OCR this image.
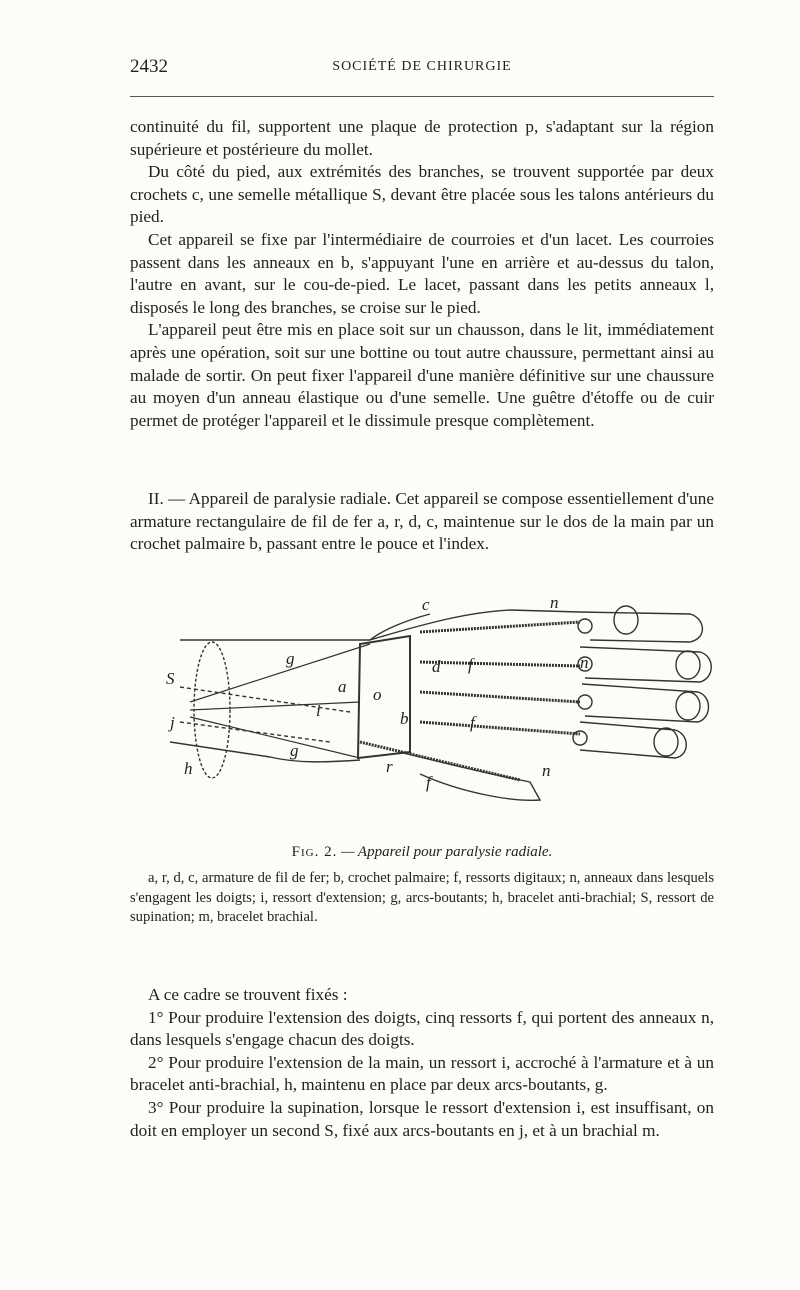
2432	SOCIÉTÉ DE CHIRURGIE

continuité du fil, supportent une plaque de protection p, s'adaptant sur la région supérieure et postérieure du mollet.

Du côté du pied, aux extrémités des branches, se trouvent supportée par deux crochets c, une semelle métallique S, devant être placée sous les talons antérieurs du pied.

Cet appareil se fixe par l'intermédiaire de courroies et d'un lacet. Les courroies passent dans les anneaux en b, s'appuyant l'une en arrière et au-dessus du talon, l'autre en avant, sur le cou-de-pied. Le lacet, passant dans les petits anneaux l, disposés le long des branches, se croise sur le pied.

L'appareil peut être mis en place soit sur un chausson, dans le lit, immédiatement après une opération, soit sur une bottine ou tout autre chaussure, permettant ainsi au malade de sortir. On peut fixer l'appareil d'une manière définitive sur une chaussure au moyen d'un anneau élastique ou d'une semelle. Une guêtre d'étoffe ou de cuir permet de protéger l'appareil et le dissimule presque complètement.

II. — Appareil de paralysie radiale. Cet appareil se compose essentiellement d'une armature rectangulaire de fil de fer a, r, d, c, maintenue sur le dos de la main par un crochet palmaire b, passant entre le pouce et l'index.

c	n
g	d f	n
a o
i
S
j	b	f
g
h	r
f
n

Fig. 2. — Appareil pour paralysie radiale.

a, r, d, c, armature de fil de fer; b, crochet palmaire; f, ressorts digitaux; n, anneaux dans lesquels s'engagent les doigts; i, ressort d'extension; g, arcs-boutants; h, bracelet anti-brachial; S, ressort de supination; m, bracelet brachial.

A ce cadre se trouvent fixés :

1° Pour produire l'extension des doigts, cinq ressorts f, qui portent des anneaux n, dans lesquels s'engage chacun des doigts.

2° Pour produire l'extension de la main, un ressort i, accroché à l'armature et à un bracelet anti-brachial, h, maintenu en place par deux arcs-boutants, g.

3° Pour produire la supination, lorsque le ressort d'extension i, est insuffisant, on doit en employer un second S, fixé aux arcs-boutants en j, et à un brachial m.
